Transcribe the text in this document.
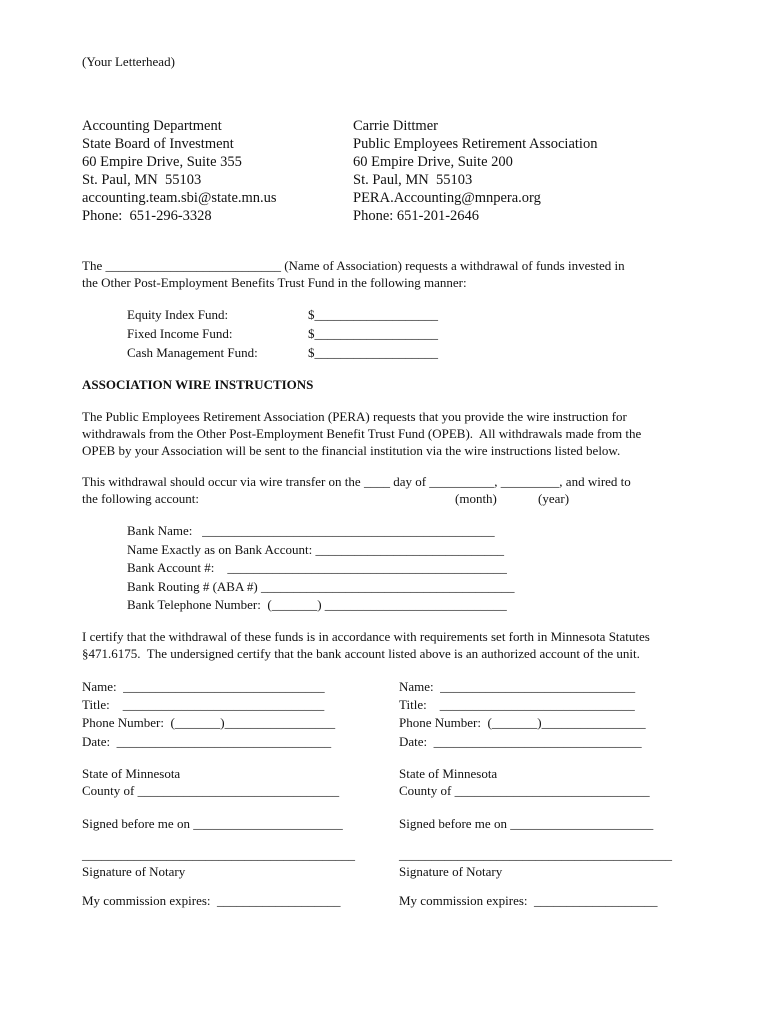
(Your Letterhead)
Accounting Department
State Board of Investment
60 Empire Drive, Suite 355
St. Paul, MN  55103
accounting.team.sbi@state.mn.us
Phone:  651-296-3328
Carrie Dittmer
Public Employees Retirement Association
60 Empire Drive, Suite 200
St. Paul, MN  55103
PERA.Accounting@mnpera.org
Phone: 651-201-2646
The ___________________________ (Name of Association) requests a withdrawal of funds invested in
the Other Post-Employment Benefits Trust Fund in the following manner:
Equity Index Fund:	$___________________
Fixed Income Fund:	$___________________
Cash Management Fund:	$___________________
ASSOCIATION WIRE INSTRUCTIONS
The Public Employees Retirement Association (PERA) requests that you provide the wire instruction for
withdrawals from the Other Post-Employment Benefit Trust Fund (OPEB).  All withdrawals made from the
OPEB by your Association will be sent to the financial institution via the wire instructions listed below.
This withdrawal should occur via wire transfer on the ____ day of __________, _________, and wired to
the following account:	(month)	(year)
Bank Name:   _____________________________________________
Name Exactly as on Bank Account: _____________________________
Bank Account #:    ___________________________________________
Bank Routing # (ABA #) _______________________________________
Bank Telephone Number:  (_______) ____________________________
I certify that the withdrawal of these funds is in accordance with requirements set forth in Minnesota Statutes
§471.6175.  The undersigned certify that the bank account listed above is an authorized account of the unit.
Name:  _______________________________
Title:    _______________________________
Phone Number:  (_______)_________________
Date:  _________________________________
State of Minnesota
County of _______________________________
Signed before me on _______________________
__________________________________________
Signature of Notary
My commission expires:  ___________________
Name:  ______________________________
Title:    ______________________________
Phone Number:  (_______)________________
Date:  ________________________________
State of Minnesota
County of ______________________________
Signed before me on ______________________
__________________________________________
Signature of Notary
My commission expires:  ___________________
